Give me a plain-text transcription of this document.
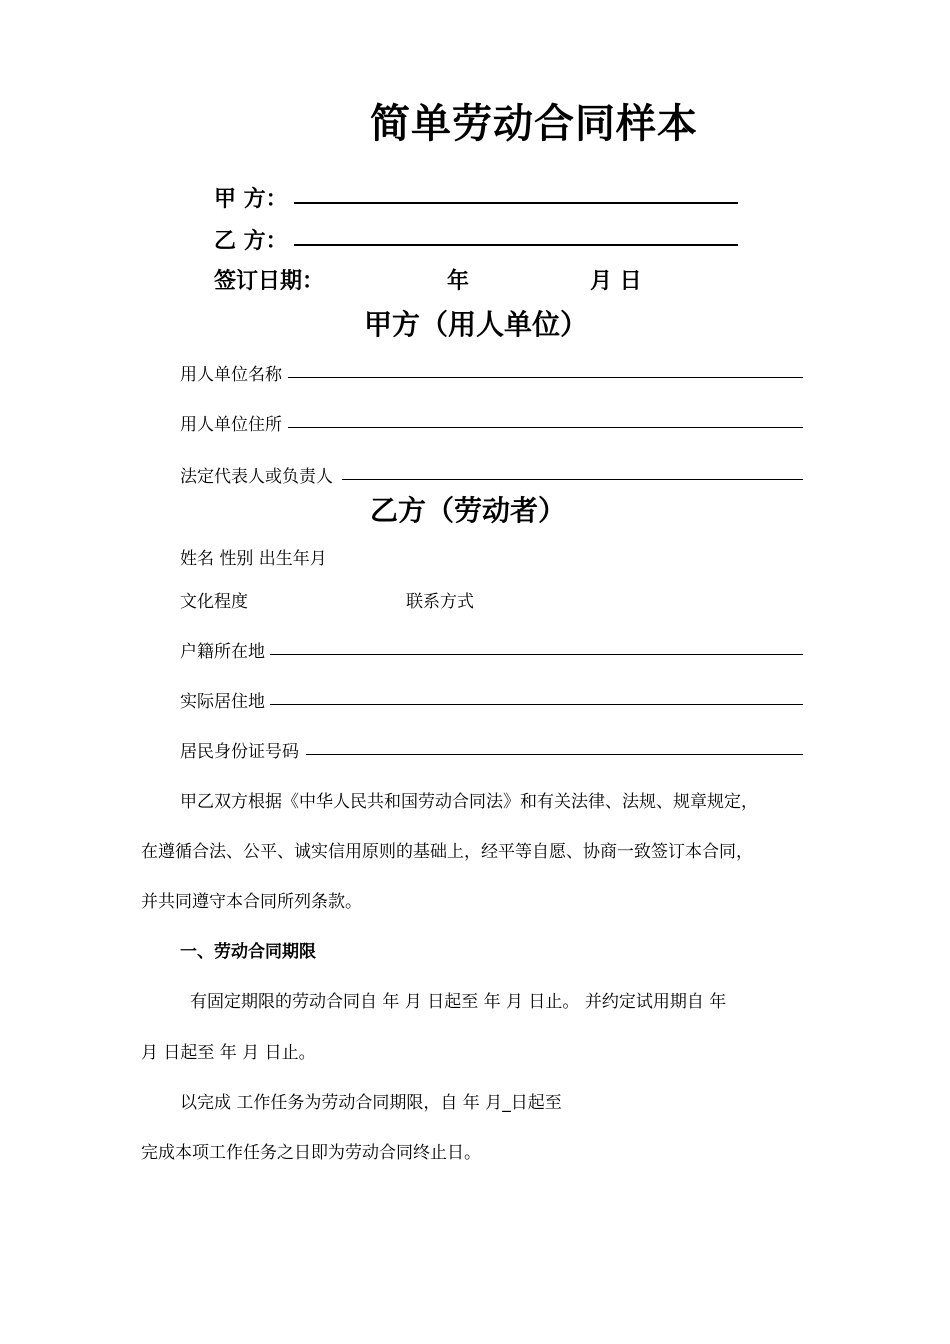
简单劳动合同样本
甲 方：
乙 方：
签订日期：	年	月 日
甲方（用人单位）
用人单位名称
用人单位住所
法定代表人或负责人
乙方（劳动者）
姓名 性别 出生年月
文化程度	联系方式
户籍所在地
实际居住地
居民身份证号码
甲乙双方根据《中华人民共和国劳动合同法》和有关法律、法规、规章规定，
在遵循合法、公平、诚实信用原则的基础上，经平等自愿、协商一致签订本合同，
并共同遵守本合同所列条款。
一、劳动合同期限
有固定期限的劳动合同自 年 月 日起至 年 月 日止。 并约定试用期自 年
月 日起至 年 月 日止。
以完成 工作任务为劳动合同期限，自 年 月_日起至
完成本项工作任务之日即为劳动合同终止日。
